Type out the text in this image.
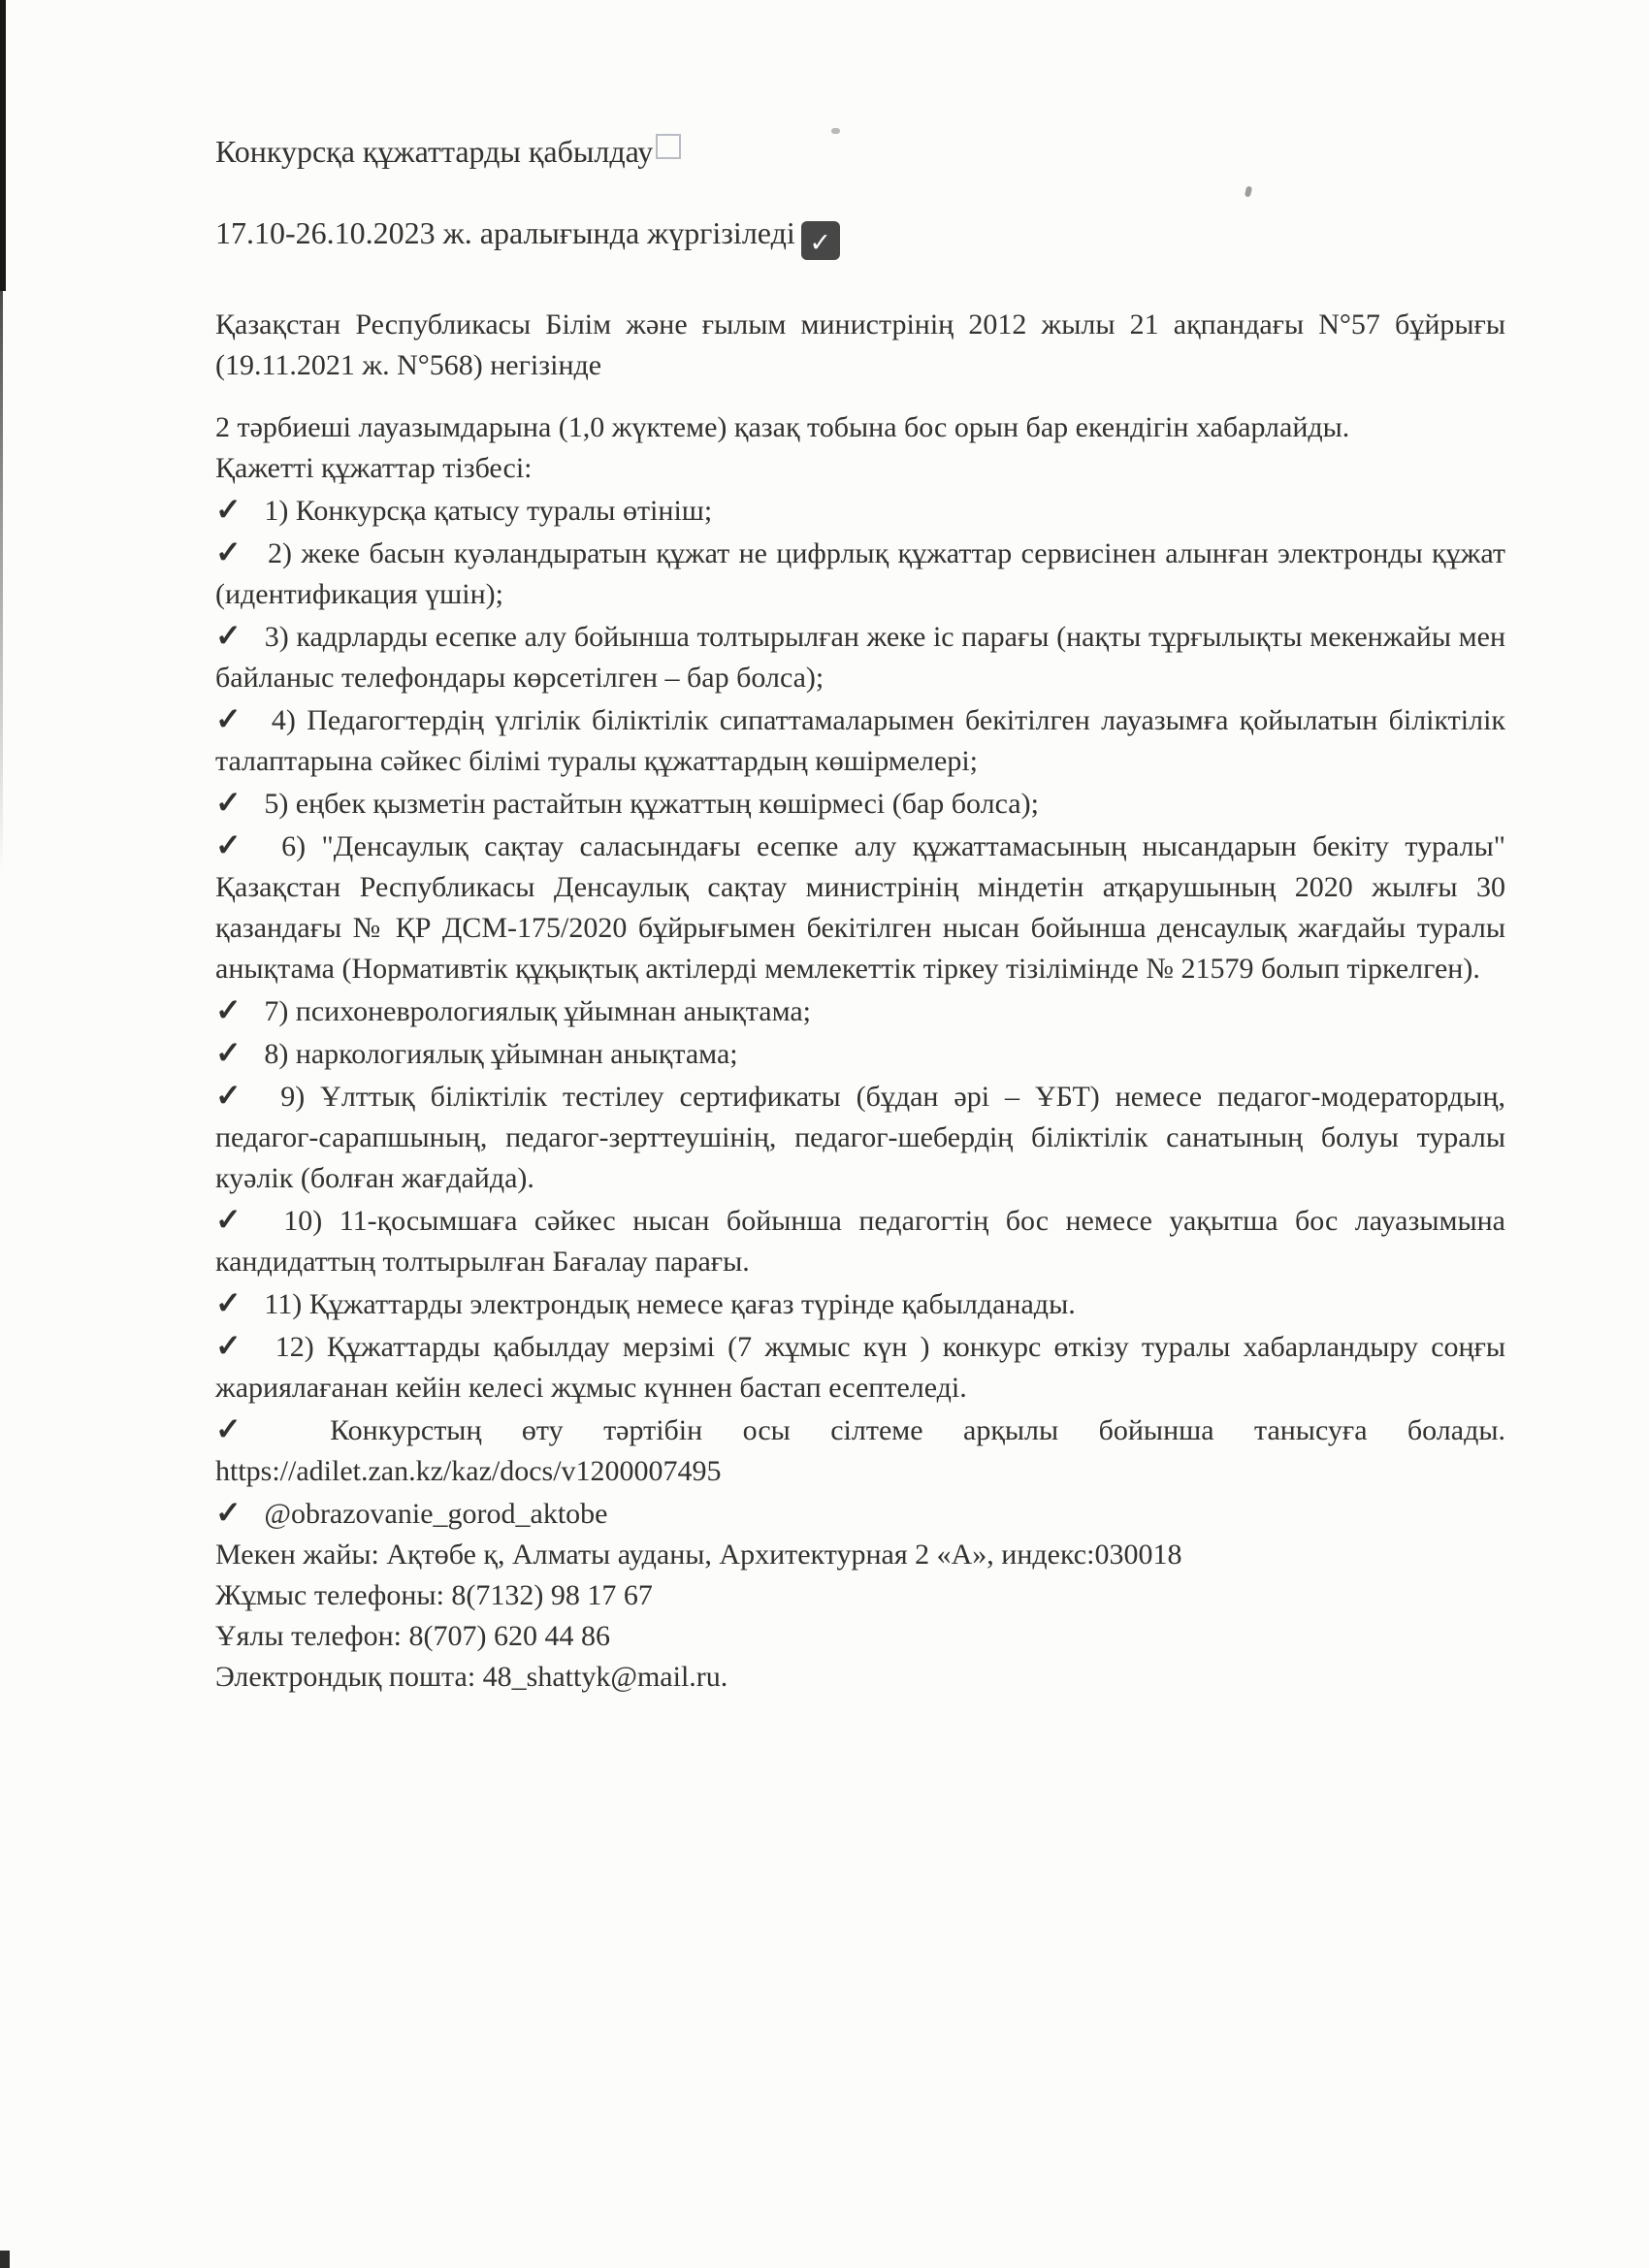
Конкурсқа құжаттарды қабылдау

17.10-26.10.2023 ж. аралығында жүргізіледі ✓

Қазақстан Республикасы Білім және ғылым министрінің 2012 жылы 21 ақпандағы N°57 бұйрығы (19.11.2021 ж. N°568) негізінде

2 тәрбиеші лауазымдарына (1,0 жүктеме) қазақ тобына бос орын бар екендігін хабарлайды.

Қажетті құжаттар тізбесі:

✓ 1) Конкурсқа қатысу туралы өтініш;

✓ 2) жеке басын куәландыратын құжат не цифрлық құжаттар сервисінен алынған электронды құжат (идентификация үшін);

✓ 3) кадрларды есепке алу бойынша толтырылған жеке іс парағы (нақты тұрғылықты мекенжайы мен байланыс телефондары көрсетілген – бар болса);

✓ 4) Педагогтердің үлгілік біліктілік сипаттамаларымен бекітілген лауазымға қойылатын біліктілік талаптарына сәйкес білімі туралы құжаттардың көшірмелері;

✓ 5) еңбек қызметін растайтын құжаттың көшірмесі (бар болса);

✓ 6) "Денсаулық сақтау саласындағы есепке алу құжаттамасының нысандарын бекіту туралы" Қазақстан Республикасы Денсаулық сақтау министрінің міндетін атқарушының 2020 жылғы 30 қазандағы № ҚР ДСМ-175/2020 бұйрығымен бекітілген нысан бойынша денсаулық жағдайы туралы анықтама (Нормативтік құқықтық актілерді мемлекеттік тіркеу тізілімінде № 21579 болып тіркелген).

✓ 7) психоневрологиялық ұйымнан анықтама;

✓ 8) наркологиялық ұйымнан анықтама;

✓ 9) Ұлттық біліктілік тестілеу сертификаты (бұдан әрі – ҰБТ) немесе педагог-модератордың, педагог-сарапшының, педагог-зерттеушінің, педагог-шебердің біліктілік санатының болуы туралы куәлік (болған жағдайда).

✓ 10) 11-қосымшаға сәйкес нысан бойынша педагогтің бос немесе уақытша бос лауазымына кандидаттың толтырылған Бағалау парағы.

✓ 11) Құжаттарды электрондық немесе қағаз түрінде қабылданады.

✓ 12) Құжаттарды қабылдау мерзімі (7 жұмыс күн ) конкурс өткізу туралы хабарландыру соңғы жариялағанан кейін келесі жұмыс күннен бастап есептеледі.

✓ Конкурстың өту тәртібін осы сілтеме арқылы бойынша танысуға болады.

https://adilet.zan.kz/kaz/docs/v1200007495

✓ @obrazovanie_gorod_aktobe

Мекен жайы: Ақтөбе қ, Алматы ауданы, Архитектурная 2 «А», индекс:030018

Жұмыс телефоны: 8(7132) 98 17 67

Ұялы телефон: 8(707) 620 44 86

Электрондық пошта: 48_shattyk@mail.ru.
